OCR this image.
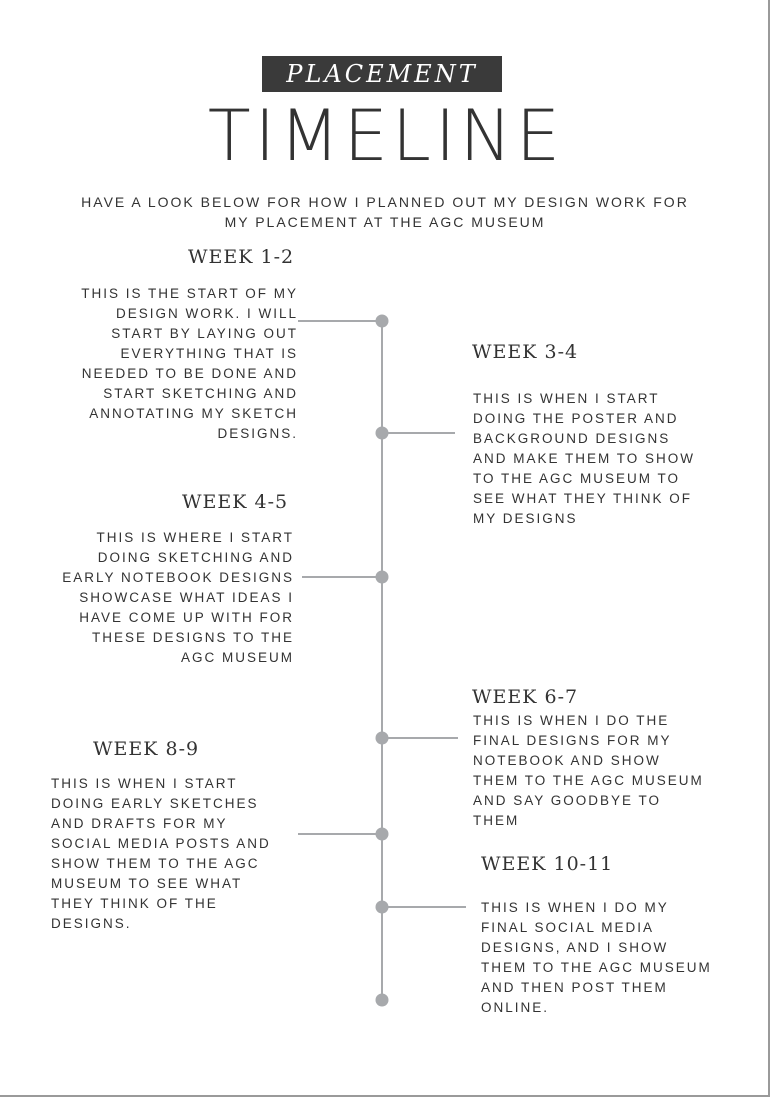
PLACEMENT
TIMELINE
HAVE A LOOK BELOW FOR HOW I PLANNED OUT MY DESIGN WORK FOR
MY PLACEMENT AT THE AGC MUSEUM
WEEK 1-2
THIS IS THE START OF MY
DESIGN WORK. I WILL
START BY LAYING OUT
EVERYTHING THAT IS
NEEDED TO BE DONE AND
START SKETCHING AND
ANNOTATING MY SKETCH
DESIGNS.
WEEK 3-4
THIS IS WHEN I START
DOING THE POSTER AND
BACKGROUND DESIGNS
AND MAKE THEM TO SHOW
TO THE AGC MUSEUM TO
SEE WHAT THEY THINK OF
MY DESIGNS
WEEK 4-5
THIS IS WHERE I START
DOING SKETCHING AND
EARLY NOTEBOOK DESIGNS
SHOWCASE WHAT IDEAS I
HAVE COME UP WITH FOR
THESE DESIGNS TO THE
AGC MUSEUM
WEEK 6-7
THIS IS WHEN I DO THE
FINAL DESIGNS FOR MY
NOTEBOOK AND SHOW
THEM TO THE AGC MUSEUM
AND SAY GOODBYE TO
THEM
WEEK 8-9
THIS IS WHEN I START
DOING EARLY SKETCHES
AND DRAFTS FOR MY
SOCIAL MEDIA POSTS AND
SHOW THEM TO THE AGC
MUSEUM TO SEE WHAT
THEY THINK OF THE
DESIGNS.
WEEK 10-11
THIS IS WHEN I DO MY
FINAL SOCIAL MEDIA
DESIGNS, AND I SHOW
THEM TO THE AGC MUSEUM
AND THEN POST THEM
ONLINE.
